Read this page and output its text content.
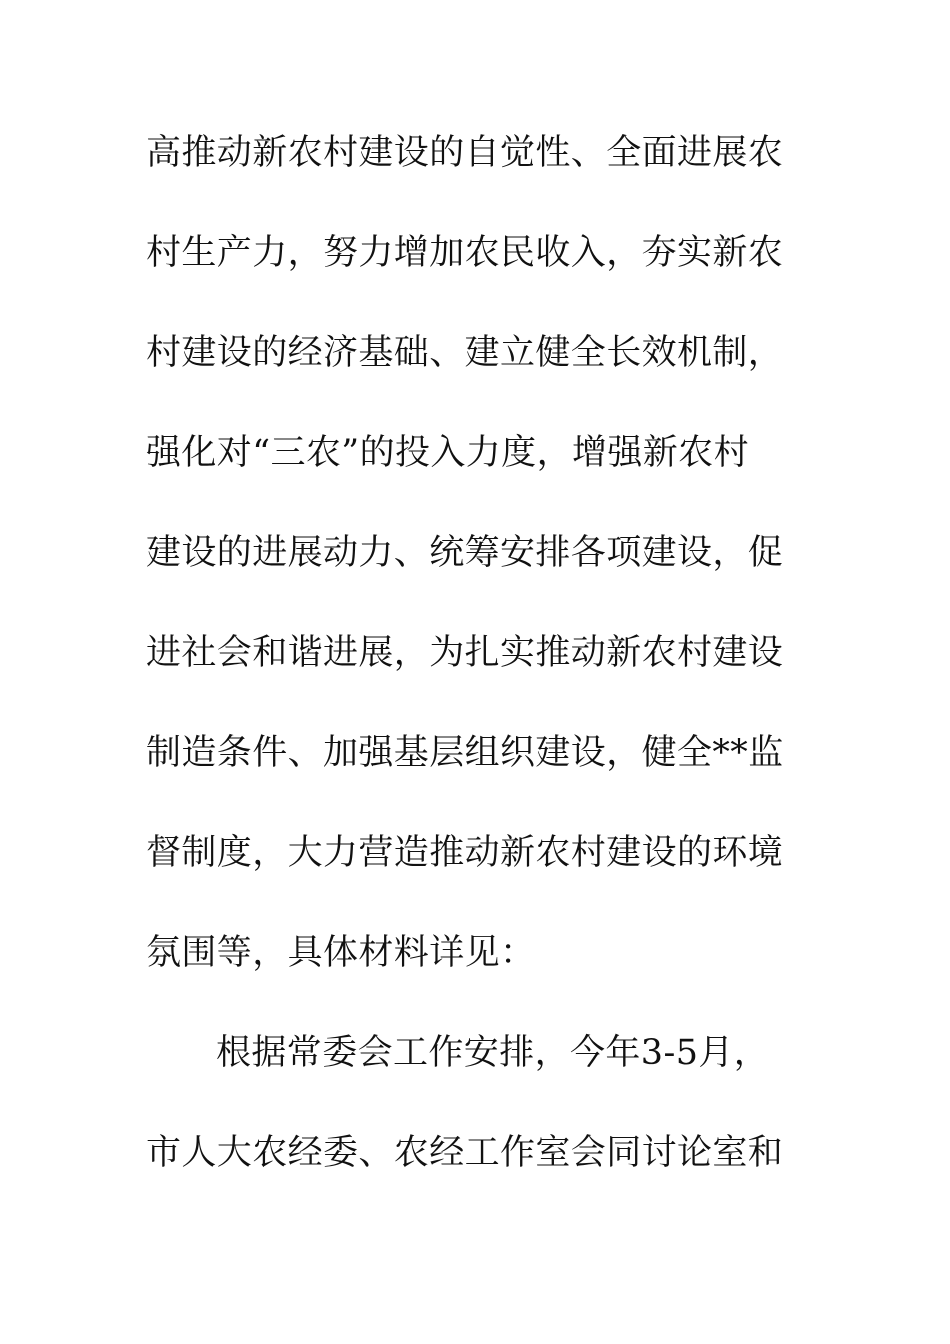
高推动新农村建设的自觉性、全面进展农
村生产力，努力增加农民收入，夯实新农
村建设的经济基础、建立健全长效机制，
强化对“三农”的投入力度，增强新农村
建设的进展动力、统筹安排各项建设，促
进社会和谐进展，为扎实推动新农村建设
制造条件、加强基层组织建设，健全**监
督制度，大力营造推动新农村建设的环境
氛围等，具体材料详见：
根据常委会工作安排，今年3-5月，
市人大农经委、农经工作室会同讨论室和
